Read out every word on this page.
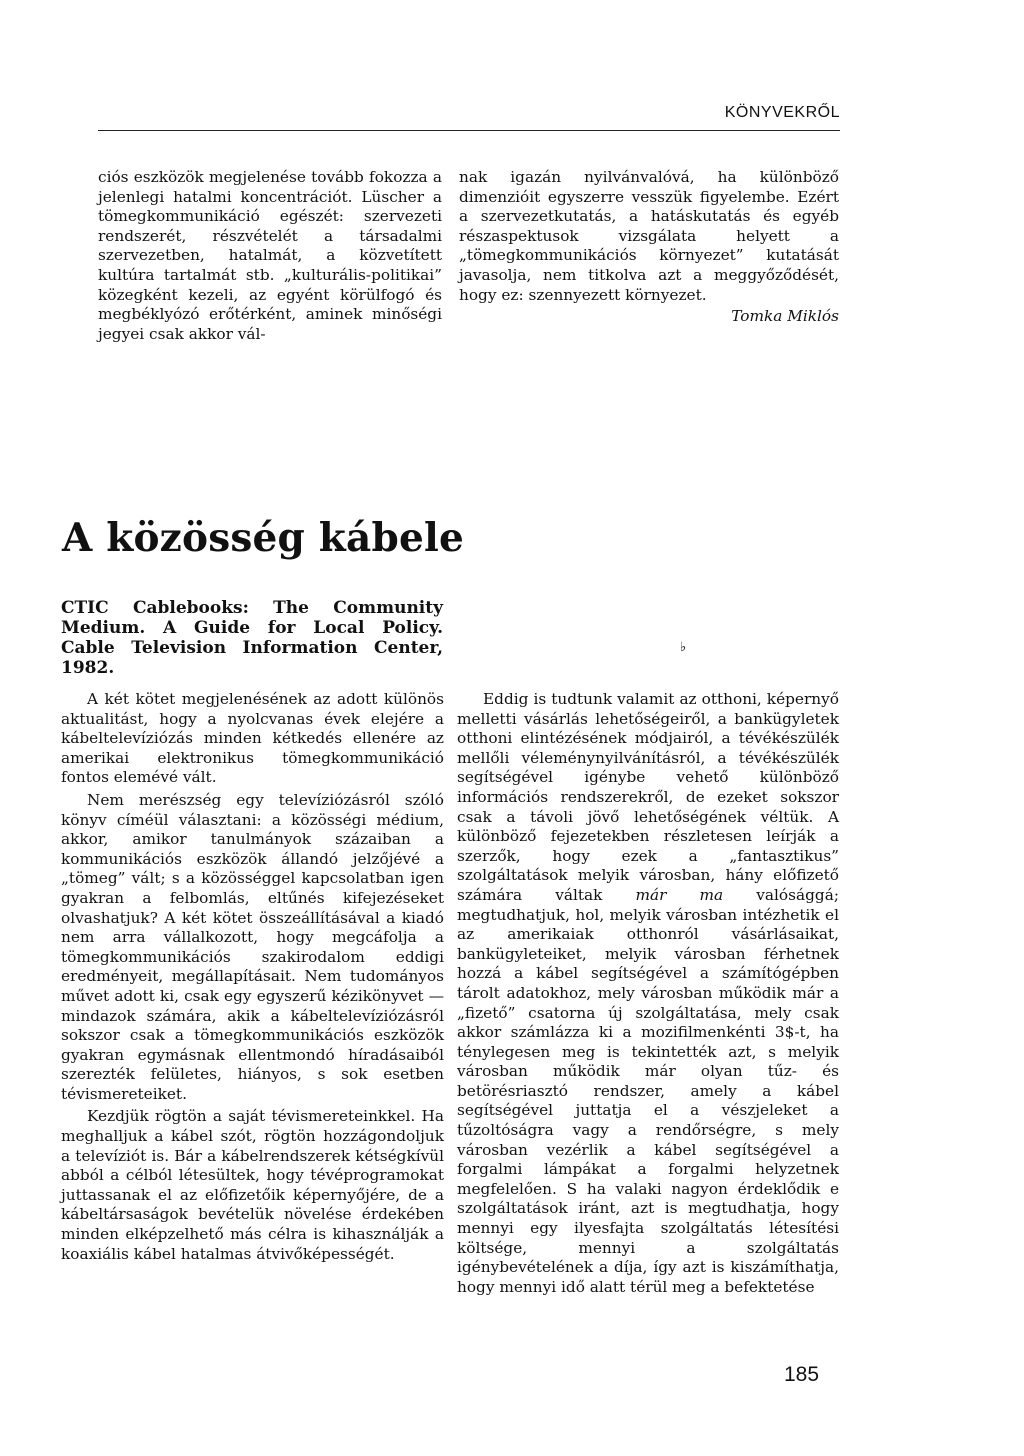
KÖNYVEKRŐL

ciós eszközök megjelenése tovább fokozza a jelenlegi hatalmi koncentrációt. Lüscher a tömegkommunikáció egészét: szervezeti rendszerét, részvételét a társadalmi szervezetben, hatalmát, a közvetített kultúra tartalmát stb. „kulturális-politikai” közegként kezeli, az egyént körülfogó és megbéklyózó erőtérként, aminek minőségi jegyei csak akkor vál-

nak igazán nyilvánvalóvá, ha különböző dimenzióit egyszerre vesszük figyelembe. Ezért a szervezetkutatás, a hatáskutatás és egyéb részaspektusok vizsgálata helyett a „tömegkommunikációs környezet” kutatását javasolja, nem titkolva azt a meggyőződését, hogy ez: szennyezett környezet.

Tomka Miklós
A közösség kábele
CTIC Cablebooks: The Community Medium. A Guide for Local Policy. Cable Television Information Center, 1982.
♭

A két kötet megjelenésének az adott különös aktualitást, hogy a nyolcvanas évek elejére a kábeltelevíziózás minden kétkedés ellenére az amerikai elektronikus tömegkommunikáció fontos elemévé vált.

Nem merészség egy televíziózásról szóló könyv címéül választani: a közösségi médium, akkor, amikor tanulmányok százaiban a kommunikációs eszközök állandó jelzőjévé a „tömeg” vált; s a közösséggel kapcsolatban igen gyakran a felbomlás, eltűnés kifejezéseket olvashatjuk? A két kötet összeállításával a kiadó nem arra vállalkozott, hogy megcáfolja a tömegkommunikációs szakirodalom eddigi eredményeit, megállapításait. Nem tudományos művet adott ki, csak egy egyszerű kézikönyvet — mindazok számára, akik a kábeltelevíziózásról sokszor csak a tömegkommunikációs eszközök gyakran egymásnak ellentmondó híradásaiból szerezték felületes, hiányos, s sok esetben tévismereteiket.

Kezdjük rögtön a saját tévismereteinkkel. Ha meghalljuk a kábel szót, rögtön hozzágondoljuk a televíziót is. Bár a kábelrendszerek kétségkívül abból a célból létesültek, hogy tévéprogramokat juttassanak el az előfizetőik képernyőjére, de a kábeltársaságok bevételük növelése érdekében minden elképzelhető más célra is kihasználják a koaxiális kábel hatalmas átvivőképességét.

Eddig is tudtunk valamit az otthoni, képernyő melletti vásárlás lehetőségeiről, a bankügyletek otthoni elintézésének módjairól, a tévékészülék mellőli véleménynyilvánításról, a tévékészülék segítségével igénybe vehető különböző információs rendszerekről, de ezeket sokszor csak a távoli jövő lehetőségének véltük. A különböző fejezetekben részletesen leírják a szerzők, hogy ezek a „fantasztikus” szolgáltatások melyik városban, hány előfizető számára váltak már ma valósággá; megtudhatjuk, hol, melyik városban intézhetik el az amerikaiak otthonról vásárlásaikat, bankügyleteiket, melyik városban férhetnek hozzá a kábel segítségével a számítógépben tárolt adatokhoz, mely városban működik már a „fizető” csatorna új szolgáltatása, mely csak akkor számlázza ki a mozifilmenkénti 3$-t, ha ténylegesen meg is tekintették azt, s melyik városban működik már olyan tűz- és betörésriasztó rendszer, amely a kábel segítségével juttatja el a vészjeleket a tűzoltóságra vagy a rendőrségre, s mely városban vezérlik a kábel segítségével a forgalmi lámpákat a forgalmi helyzetnek megfelelően. S ha valaki nagyon érdeklődik e szolgáltatások iránt, azt is megtudhatja, hogy mennyi egy ilyesfajta szolgáltatás létesítési költsége, mennyi a szolgáltatás igénybevételének a díja, így azt is kiszámíthatja, hogy mennyi idő alatt térül meg a befektetése

185
